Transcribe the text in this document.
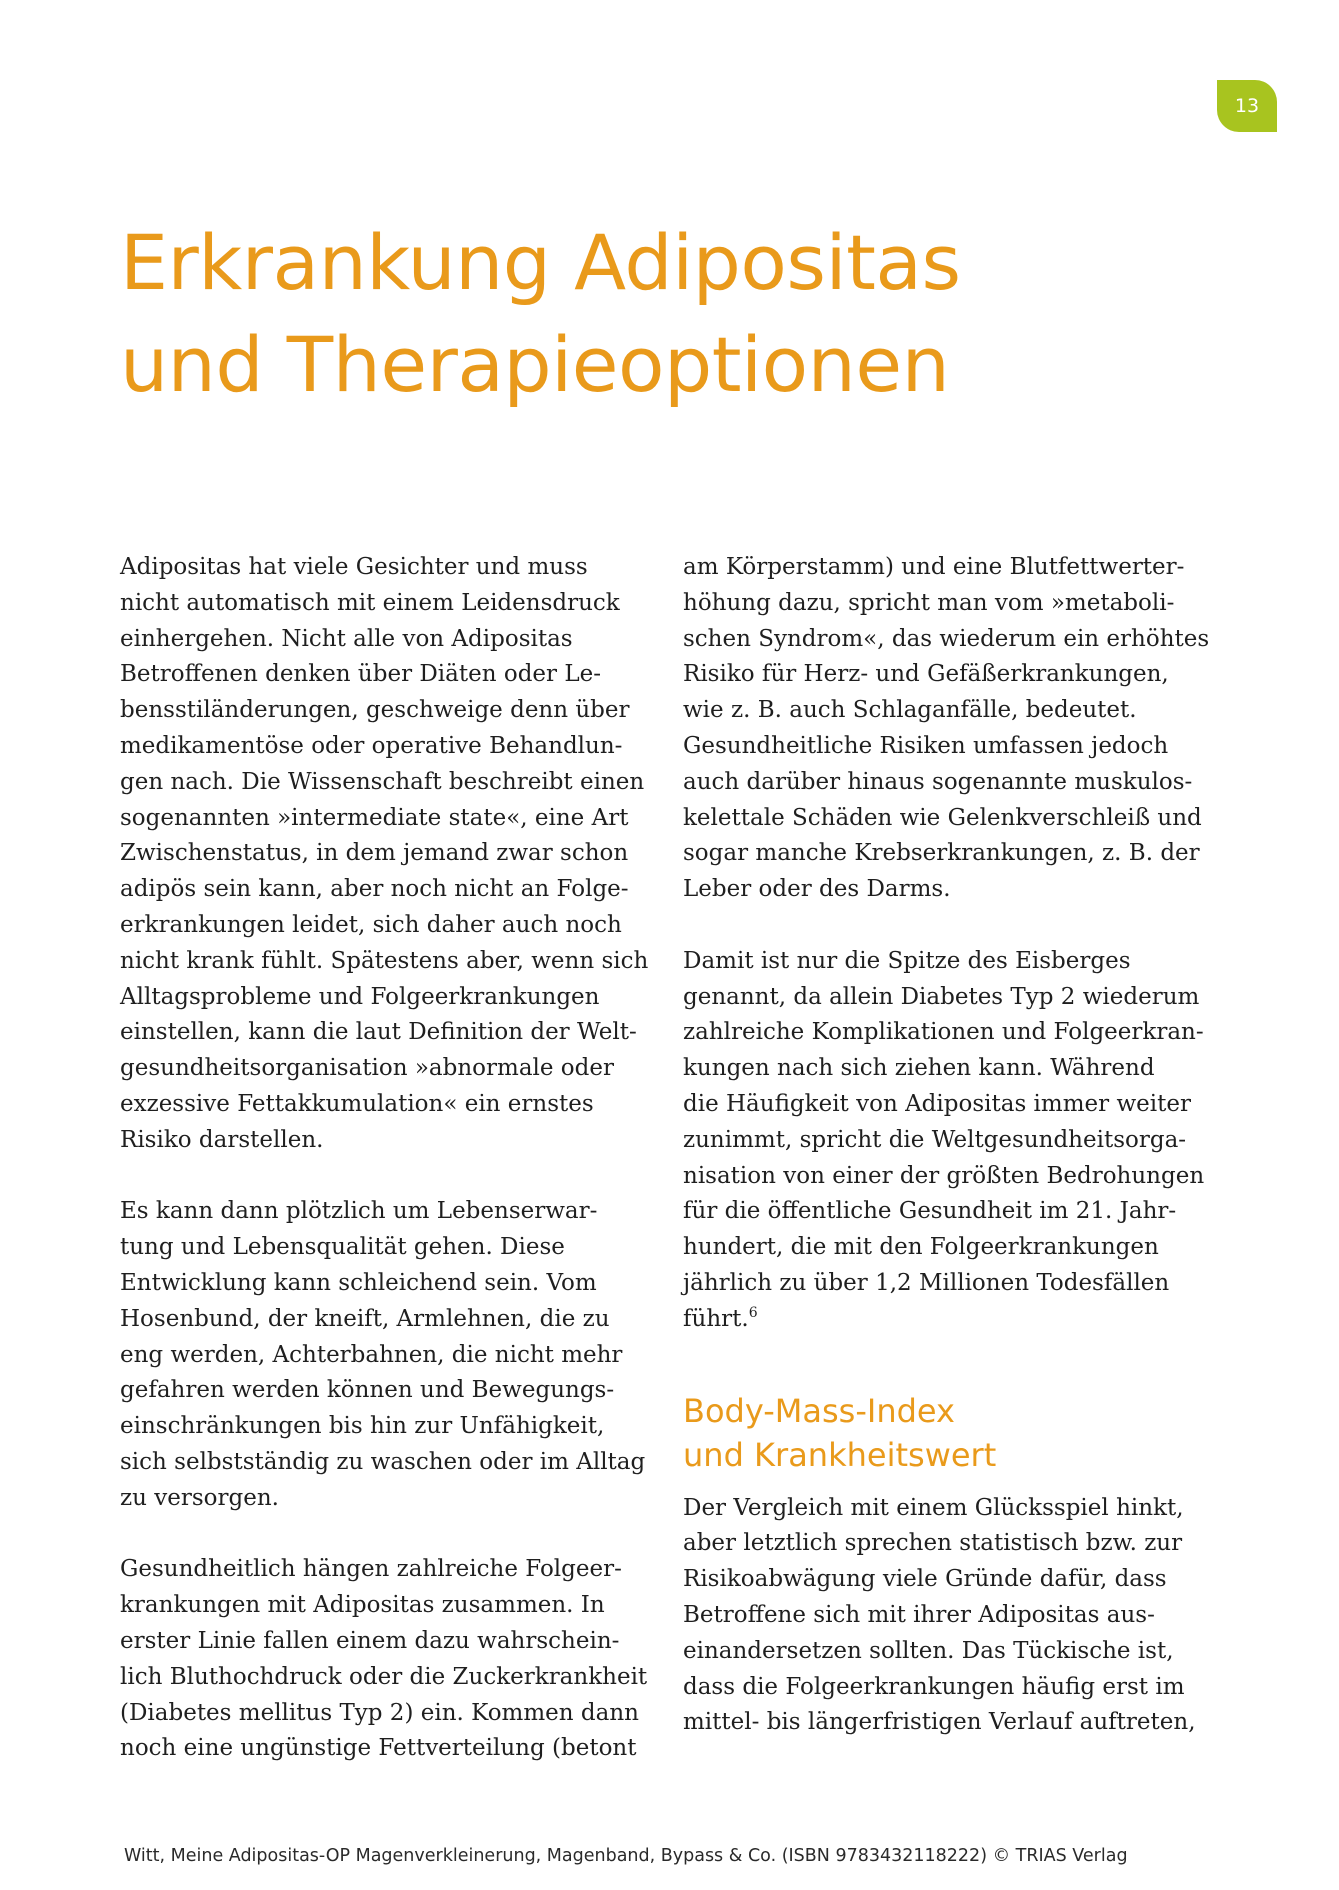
13
Erkrankung Adipositas
und Therapieoptionen

Adipositas hat viele Gesichter und muss
nicht automatisch mit einem Leidensdruck
einhergehen. Nicht alle von Adipositas
Betroffenen denken über Diäten oder Le-
bensstiländerungen, geschweige denn über
medikamentöse oder operative Behandlun-
gen nach. Die Wissenschaft beschreibt einen
sogenannten »intermediate state«, eine Art
Zwischenstatus, in dem jemand zwar schon
adipös sein kann, aber noch nicht an Folge-
erkrankungen leidet, sich daher auch noch
nicht krank fühlt. Spätestens aber, wenn sich
Alltagsprobleme und Folgeerkrankungen
einstellen, kann die laut Definition der Welt-
gesundheitsorganisation »abnormale oder
exzessive Fettakkumulation« ein ernstes
Risiko darstellen.

Es kann dann plötzlich um Lebenserwar-
tung und Lebensqualität gehen. Diese
Entwicklung kann schleichend sein. Vom
Hosenbund, der kneift, Armlehnen, die zu
eng werden, Achterbahnen, die nicht mehr
gefahren werden können und Bewegungs-
einschränkungen bis hin zur Unfähigkeit,
sich selbstständig zu waschen oder im Alltag
zu versorgen.

Gesundheitlich hängen zahlreiche Folgeer-
krankungen mit Adipositas zusammen. In
erster Linie fallen einem dazu wahrschein-
lich Bluthochdruck oder die Zuckerkrankheit
(Diabetes mellitus Typ 2) ein. Kommen dann
noch eine ungünstige Fettverteilung (betont

am Körperstamm) und eine Blutfettwerter-
höhung dazu, spricht man vom »metaboli-
schen Syndrom«, das wiederum ein erhöhtes
Risiko für Herz- und Gefäßerkrankungen,
wie z. B. auch Schlaganfälle, bedeutet.
Gesundheitliche Risiken umfassen jedoch
auch darüber hinaus sogenannte muskulos-
kelettale Schäden wie Gelenkverschleiß und
sogar manche Krebserkrankungen, z. B. der
Leber oder des Darms.

Damit ist nur die Spitze des Eisberges
genannt, da allein Diabetes Typ 2 wiederum
zahlreiche Komplikationen und Folgeerkran-
kungen nach sich ziehen kann. Während
die Häufigkeit von Adipositas immer weiter
zunimmt, spricht die Weltgesundheitsorga-
nisation von einer der größten Bedrohungen
für die öffentliche Gesundheit im 21. Jahr-
hundert, die mit den Folgeerkrankungen
jährlich zu über 1,2 Millionen Todesfällen

führt.$^6$

Body-Mass-Index
und Krankheitswert

Der Vergleich mit einem Glücksspiel hinkt,
aber letztlich sprechen statistisch bzw. zur
Risikoabwägung viele Gründe dafür, dass
Betroffene sich mit ihrer Adipositas aus-
einandersetzen sollten. Das Tückische ist,
dass die Folgeerkrankungen häufig erst im
mittel- bis längerfristigen Verlauf auftreten,

Witt, Meine Adipositas-OP Magenverkleinerung, Magenband, Bypass & Co. (ISBN 9783432118222) © TRIAS Verlag
